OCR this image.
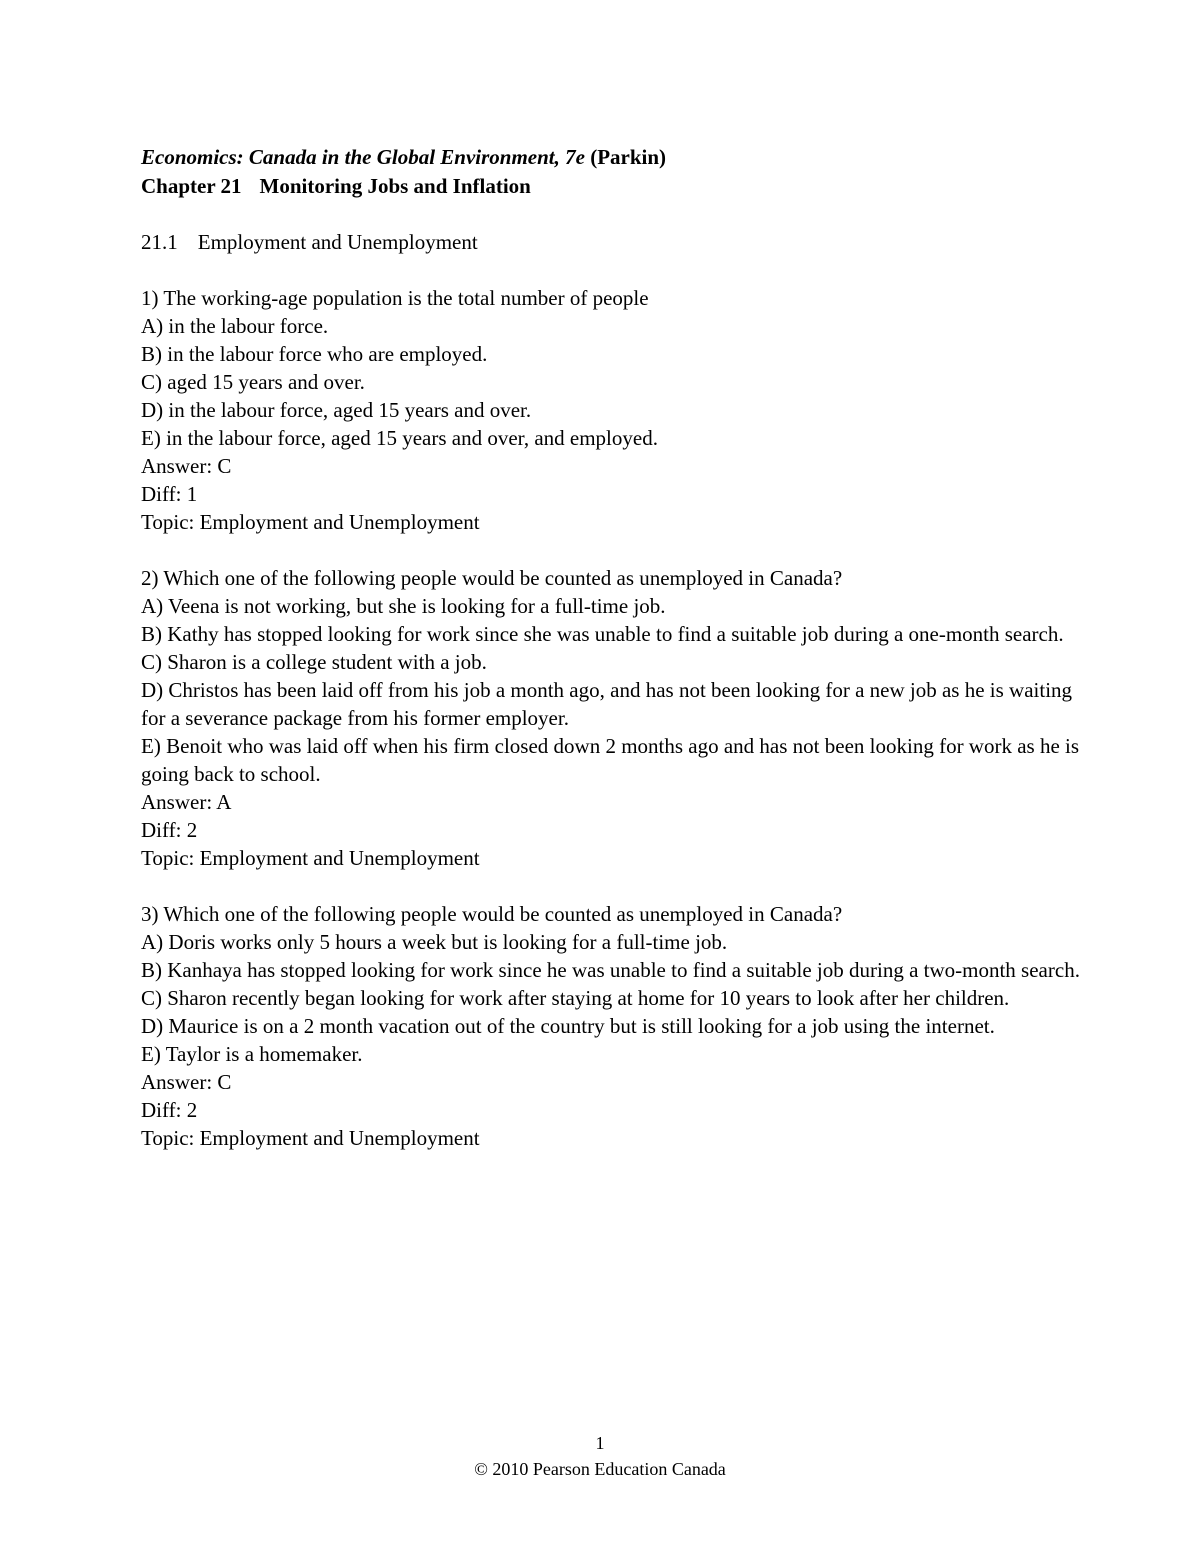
Economics: Canada in the Global Environment, 7e (Parkin)
Chapter 21 Monitoring Jobs and Inflation
21.1 Employment and Unemployment
1) The working-age population is the total number of people
A) in the labour force.
B) in the labour force who are employed.
C) aged 15 years and over.
D) in the labour force, aged 15 years and over.
E) in the labour force, aged 15 years and over, and employed.
Answer: C
Diff: 1
Topic: Employment and Unemployment
2) Which one of the following people would be counted as unemployed in Canada?
A) Veena is not working, but she is looking for a full-time job.
B) Kathy has stopped looking for work since she was unable to find a suitable job during a one-month search.
C) Sharon is a college student with a job.
D) Christos has been laid off from his job a month ago, and has not been looking for a new job as he is waiting for a severance package from his former employer.
E) Benoit who was laid off when his firm closed down 2 months ago and has not been looking for work as he is going back to school.
Answer: A
Diff: 2
Topic: Employment and Unemployment
3) Which one of the following people would be counted as unemployed in Canada?
A) Doris works only 5 hours a week but is looking for a full-time job.
B) Kanhaya has stopped looking for work since he was unable to find a suitable job during a two-month search.
C) Sharon recently began looking for work after staying at home for 10 years to look after her children.
D) Maurice is on a 2 month vacation out of the country but is still looking for a job using the internet.
E) Taylor is a homemaker.
Answer: C
Diff: 2
Topic: Employment and Unemployment
1
© 2010 Pearson Education Canada
